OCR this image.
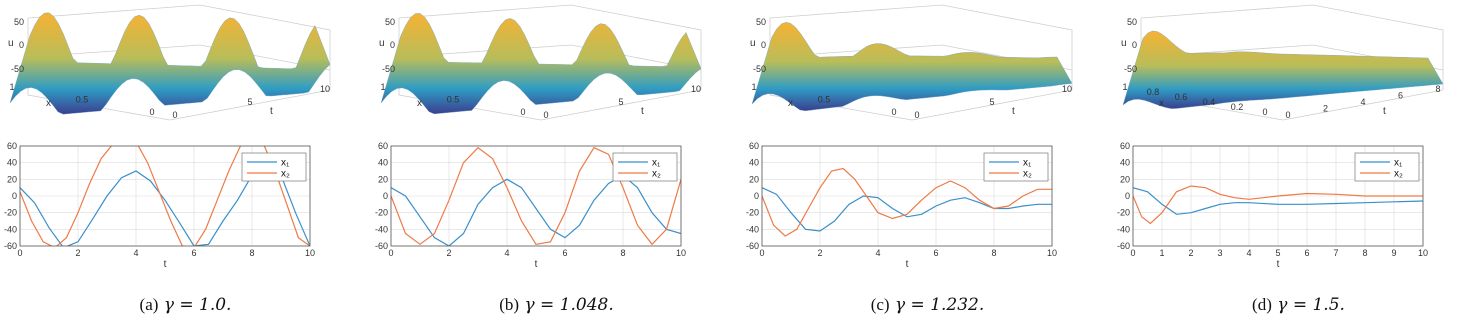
50
0
-50
u
1
0.5
0
x
0
5
10
t
0	2	4	6	8	10
60
40
20
0
-20
-40
-60
t
x₁
x₂
(a) γ = 1.0.
50
0
-50
u
1
0.5
0
x
0
5
10
t
0	2	4	6	8	10
60
40
20
0
-20
-40
-60
t
x₁
x₂
(b) γ = 1.048.
50
0
-50
u
1
0.5
0
x
0
5
10
t
0	2	4	6	8	10
60
40
20
0
-20
-40
-60
t
x₁
x₂
(c) γ = 1.232.
50
0
-50
u
1 0.8 0.6 0.4 0.2 0
x
0
2
4
6
8
t
0	1	2	3	4	5	6	7	8	9 10
60
40
20
0
-20
-40
-60
t
x₁
x₂
(d) γ = 1.5.
